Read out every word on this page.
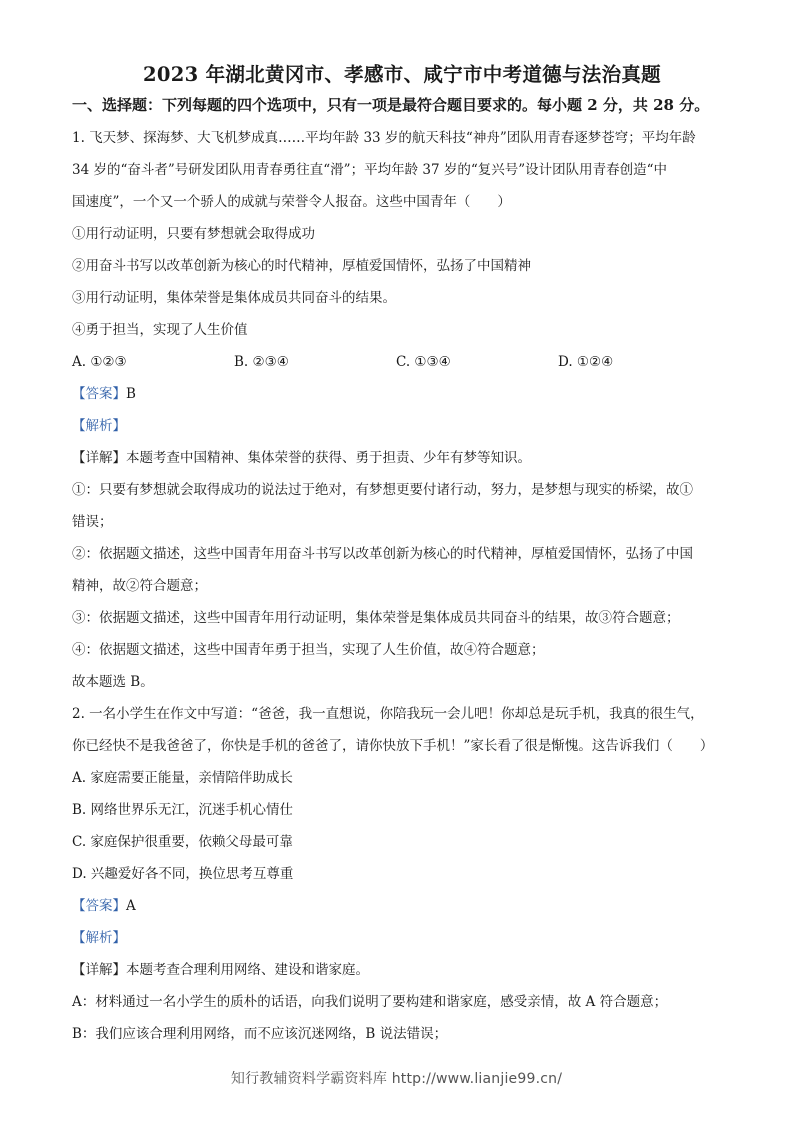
2023 年湖北黄冈市、孝感市、咸宁市中考道德与法治真题
一、选择题：下列每题的四个选项中，只有一项是最符合题目要求的。每小题 2 分，共 28 分。

1. 飞天梦、探海梦、大飞机梦成真……平均年龄 33 岁的航天科技“神舟”团队用青春逐梦苍穹；平均年龄

34 岁的“奋斗者”号研发团队用青春勇往直“滑”；平均年龄 37 岁的“复兴号”设计团队用青春创造“中

国速度”，一个又一个骄人的成就与荣誉令人报奋。这些中国青年（　　）

①用行动证明，只要有梦想就会取得成功

②用奋斗书写以改革创新为核心的时代精神，厚植爱国情怀，弘扬了中国精神

③用行动证明，集体荣誉是集体成员共同奋斗的结果。

④勇于担当，实现了人生价值

A. ①②③	B. ②③④	C. ①③④	D. ①②④

【答案】B

【解析】

【详解】本题考查中国精神、集体荣誉的获得、勇于担责、少年有梦等知识。

①：只要有梦想就会取得成功的说法过于绝对，有梦想更要付诸行动，努力，是梦想与现实的桥梁，故①

错误；

②：依据题文描述，这些中国青年用奋斗书写以改革创新为核心的时代精神，厚植爱国情怀，弘扬了中国

精神，故②符合题意；

③：依据题文描述，这些中国青年用行动证明，集体荣誉是集体成员共同奋斗的结果，故③符合题意；

④：依据题文描述，这些中国青年勇于担当，实现了人生价值，故④符合题意；

故本题选 B。

2. 一名小学生在作文中写道：“爸爸，我一直想说，你陪我玩一会儿吧！你却总是玩手机，我真的很生气，

你已经快不是我爸爸了，你快是手机的爸爸了，请你快放下手机！”家长看了很是惭愧。这告诉我们（　　）

A. 家庭需要正能量，亲情陪伴助成长

B. 网络世界乐无江，沉迷手机心情仕

C. 家庭保护很重要，依赖父母最可靠

D. 兴趣爱好各不同，换位思考互尊重

【答案】A

【解析】

【详解】本题考查合理利用网络、建设和谐家庭。

A：材料通过一名小学生的质朴的话语，向我们说明了要构建和谐家庭，感受亲情，故 A 符合题意；

B：我们应该合理利用网络，而不应该沉迷网络，B 说法错误；

知行教辅资料学霸资料库 http://www.lianjie99.cn/
